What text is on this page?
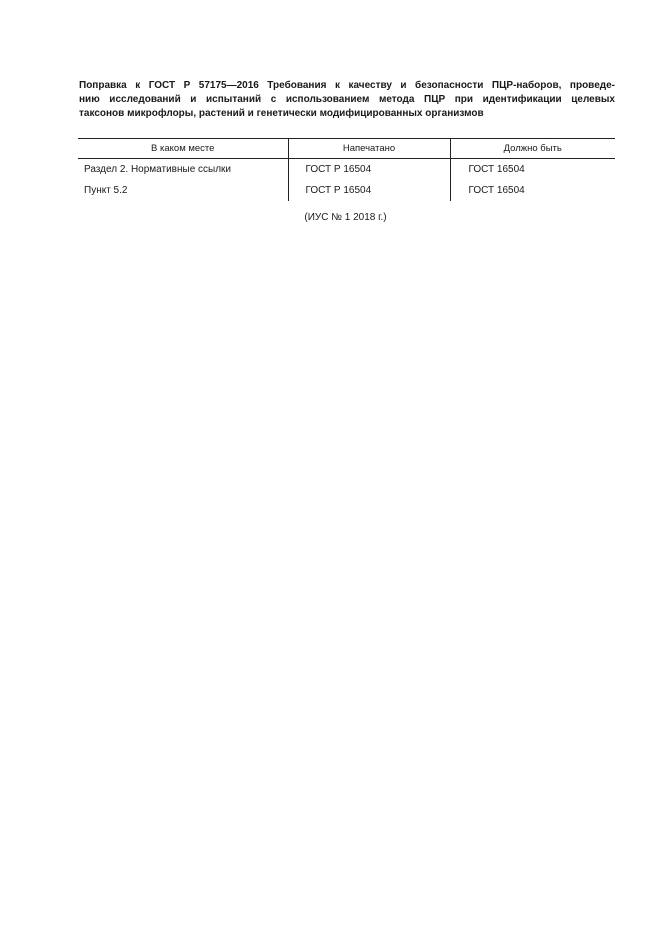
Поправка к ГОСТ Р 57175—2016 Требования к качеству и безопасности ПЦР-наборов, проведе-
нию исследований и испытаний с использованием метода ПЦР при идентификации целевых
таксонов микрофлоры, растений и генетически модифицированных организмов
В каком месте	Напечатано	Должно быть
Раздел 2. Нормативные ссылки	ГОСТ Р 16504	ГОСТ 16504
Пункт 5.2	ГОСТ Р 16504	ГОСТ 16504
(ИУС № 1 2018 г.)
